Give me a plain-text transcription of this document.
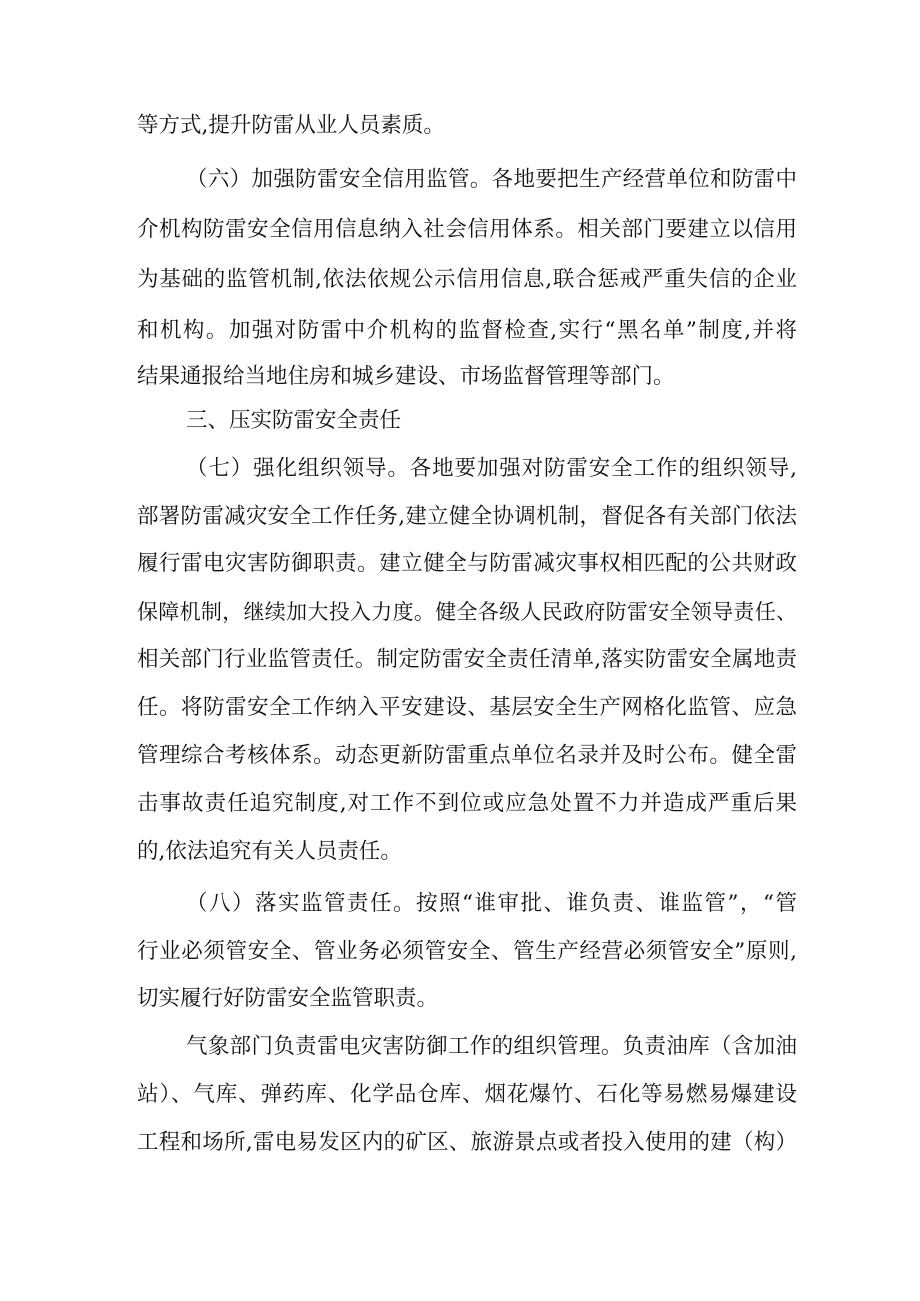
等方式,提升防雷从业人员素质。
（六）加强防雷安全信用监管。各地要把生产经营单位和防雷中
介机构防雷安全信用信息纳入社会信用体系。相关部门要建立以信用
为基础的监管机制,依法依规公示信用信息,联合惩戒严重失信的企业
和机构。加强对防雷中介机构的监督检查,实行“黑名单”制度,并将
结果通报给当地住房和城乡建设、市场监督管理等部门。
三、压实防雷安全责任
（七）强化组织领导。各地要加强对防雷安全工作的组织领导,
部署防雷减灾安全工作任务,建立健全协调机制，督促各有关部门依法
履行雷电灾害防御职责。建立健全与防雷减灾事权相匹配的公共财政
保障机制，继续加大投入力度。健全各级人民政府防雷安全领导责任、
相关部门行业监管责任。制定防雷安全责任清单,落实防雷安全属地责
任。将防雷安全工作纳入平安建设、基层安全生产网格化监管、应急
管理综合考核体系。动态更新防雷重点单位名录并及时公布。健全雷
击事故责任追究制度,对工作不到位或应急处置不力并造成严重后果
的,依法追究有关人员责任。
（八）落实监管责任。按照“谁审批、谁负责、谁监管”，“管
行业必须管安全、管业务必须管安全、管生产经营必须管安全”原则,
切实履行好防雷安全监管职责。
气象部门负责雷电灾害防御工作的组织管理。负责油库（含加油
站）、气库、弹药库、化学品仓库、烟花爆竹、石化等易燃易爆建设
工程和场所,雷电易发区内的矿区、旅游景点或者投入使用的建（构）
